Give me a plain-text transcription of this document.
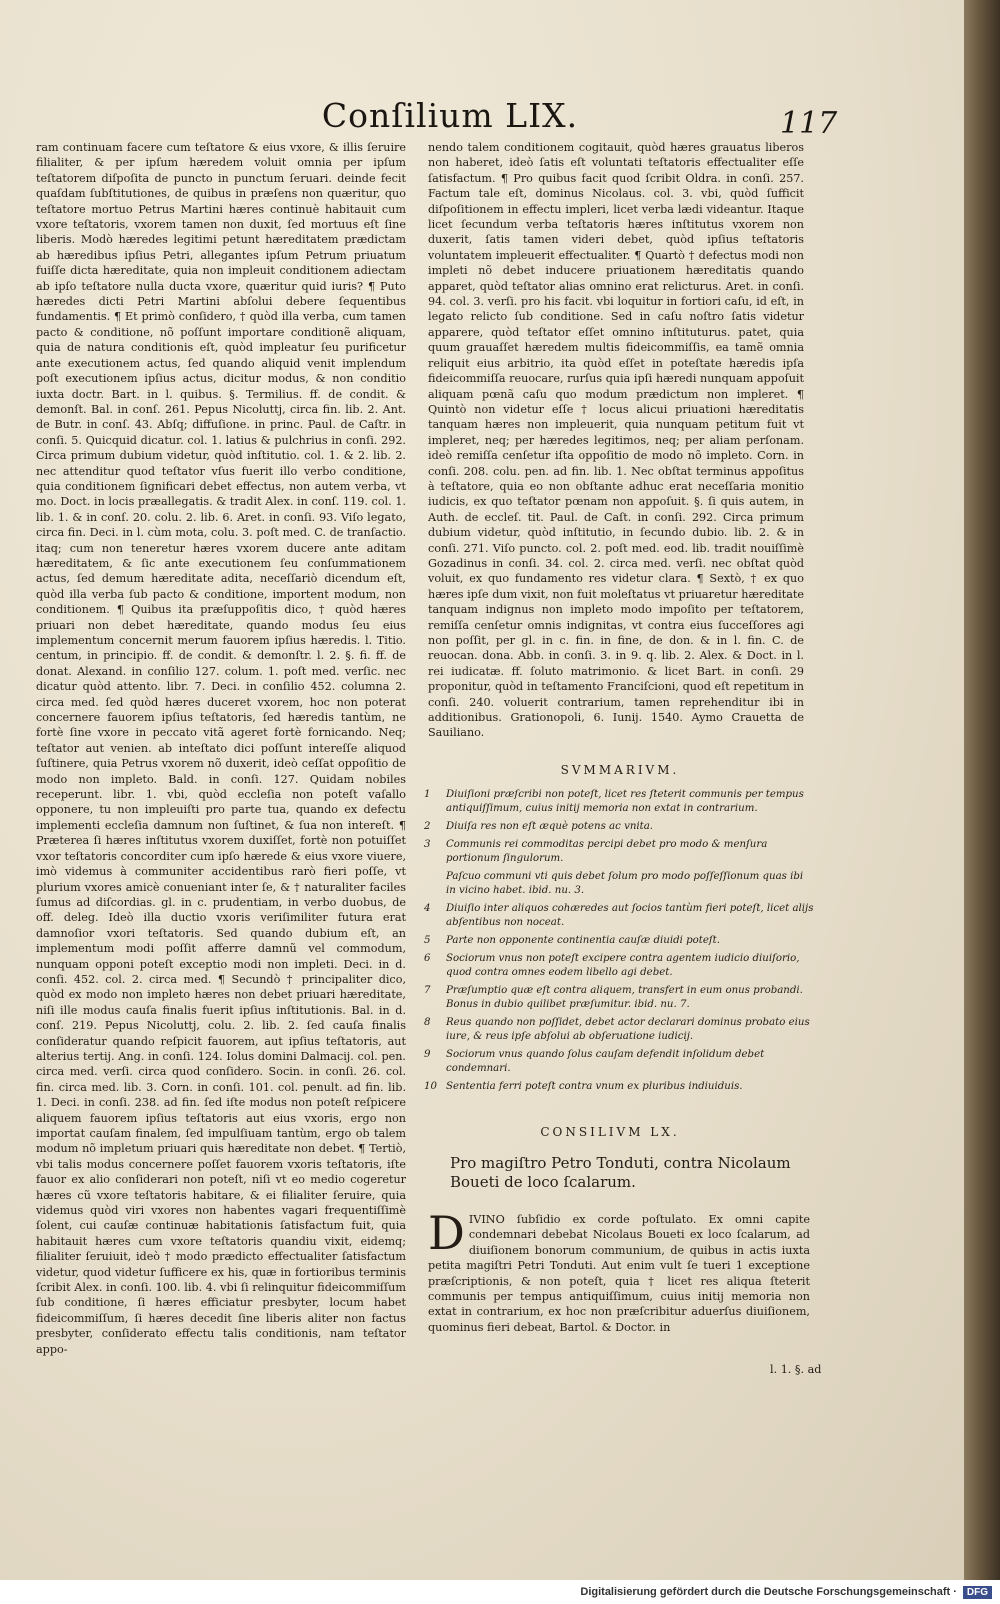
Conſilium LIX.	117
ram continuam facere cum teſtatore & eius vxore, & illis ſeruire filialiter, & per ipſum hæredem voluit omnia per ipſum teſtatorem diſpoſita de puncto in punctum ſeruari. deinde fecit quaſdam ſubſtitutiones, de quibus in præſens non quæritur, quo teſtatore mortuo Petrus Martini hæres continuè habitauit cum vxore teſtatoris, vxorem tamen non duxit, ſed mortuus eſt ſine liberis. Modò hæredes legitimi petunt hæreditatem prædictam ab hæredibus ipſius Petri, allegantes ipſum Petrum priuatum fuiſſe dicta hæreditate, quia non impleuit conditionem adiectam ab ipſo teſtatore nulla ducta vxore, quæritur quid iuris? ¶ Puto hæredes dicti Petri Martini abſolui debere ſequentibus fundamentis. ¶ Et primò conſidero, † quòd illa verba, cum tamen pacto & conditione, nõ poſſunt importare conditionẽ aliquam, quia de natura conditionis eſt, quòd impleatur ſeu purificetur ante executionem actus, ſed quando aliquid venit implendum poſt executionem ipſius actus, dicitur modus, & non conditio iuxta doctr. Bart. in l. quibus. §. Termilius. ff. de condit. & demonſt. Bal. in conſ. 261. Pepus Nicoluttj, circa fin. lib. 2. Ant. de Butr. in conſ. 43. Abſq; diffuſione. in princ. Paul. de Caſtr. in conſi. 5. Quicquid dicatur. col. 1. latius & pulchrius in conſi. 292. Circa primum dubium videtur, quòd inſtitutio. col. 1. & 2. lib. 2. nec attenditur quod teſtator vſus fuerit illo verbo conditione, quia conditionem ſignificari debet effectus, non autem verba, vt mo. Doct. in locis præallegatis. & tradit Alex. in conſ. 119. col. 1. lib. 1. & in conſ. 20. colu. 2. lib. 6. Aret. in conſi. 93. Viſo legato, circa fin. Deci. in l. cùm mota, colu. 3. poſt med. C. de tranſactio. itaq; cum non teneretur hæres vxorem ducere ante aditam hæreditatem, & ſic ante executionem ſeu conſummationem actus, ſed demum hæreditate adita, neceſſariò dicendum eſt, quòd illa verba ſub pacto & conditione, importent modum, non conditionem. ¶ Quibus ita præſuppoſitis dico, † quòd hæres priuari non debet hæreditate, quando modus ſeu eius implementum concernit merum fauorem ipſius hæredis. l. Titio. centum, in principio. ff. de condit. & demonſtr. l. 2. §. fi. ff. de donat. Alexand. in conſilio 127. colum. 1. poſt med. verſic. nec dicatur quòd attento. libr. 7. Deci. in conſilio 452. columna 2. circa med. ſed quòd hæres duceret vxorem, hoc non poterat concernere fauorem ipſius teſtatoris, ſed hæredis tantùm, ne fortè ſine vxore in peccato vitã ageret fortè fornicando. Neq; teſtator aut venien. ab inteſtato dici poſſunt intereſſe aliquod ſuſtinere, quia Petrus vxorem nõ duxerit, ideò ceſſat oppoſitio de modo non impleto. Bald. in conſi. 127. Quidam nobiles receperunt. libr. 1. vbi, quòd eccleſia non poteſt vaſallo opponere, tu non impleuiſti pro parte tua, quando ex defectu implementi eccleſia damnum non ſuſtinet, & ſua non intereſt. ¶ Præterea ſi hæres inſtitutus vxorem duxiſſet, fortè non potuiſſet vxor teſtatoris concorditer cum ipſo hærede & eius vxore viuere, imò videmus à communiter accidentibus rarò fieri poſſe, vt plurium vxores amicè conueniant inter ſe, & † naturaliter faciles ſumus ad diſcordias. gl. in c. prudentiam, in verbo duobus, de off. deleg. Ideò illa ductio vxoris veriſimiliter futura erat damnoſior vxori teſtatoris. Sed quando dubium eſt, an implementum modi poſſit afferre damnũ vel commodum, nunquam opponi poteſt exceptio modi non impleti. Deci. in d. conſi. 452. col. 2. circa med. ¶ Secundò † principaliter dico, quòd ex modo non impleto hæres non debet priuari hæreditate, niſi ille modus cauſa finalis fuerit ipſius inſtitutionis. Bal. in d. conſ. 219. Pepus Nicoluttj, colu. 2. lib. 2. ſed cauſa finalis conſideratur quando reſpicit fauorem, aut ipſius teſtatoris, aut alterius tertij. Ang. in conſi. 124. Iolus domini Dalmacij. col. pen. circa med. verſi. circa quod conſidero. Socin. in conſi. 26. col. fin. circa med. lib. 3. Corn. in conſi. 101. col. penult. ad fin. lib. 1. Deci. in conſi. 238. ad fin. ſed iſte modus non poteſt reſpicere aliquem fauorem ipſius teſtatoris aut eius vxoris, ergo non importat cauſam finalem, ſed impulſiuam tantùm, ergo ob talem modum nõ impletum priuari quis hæreditate non debet. ¶ Tertiò, vbi talis modus concernere poſſet fauorem vxoris teſtatoris, iſte fauor ex alio conſiderari non poteſt, niſi vt eo medio cogeretur hæres cũ vxore teſtatoris habitare, & ei filialiter ſeruire, quia videmus quòd viri vxores non habentes vagari frequentiſſimè ſolent, cui cauſæ continuæ habitationis ſatisfactum fuit, quia habitauit hæres cum vxore teſtatoris quandiu vixit, eidemq; filialiter ſeruiuit, ideò † modo prædicto effectualiter ſatisfactum videtur, quod videtur ſufficere ex his, quæ in fortioribus terminis ſcribit Alex. in conſi. 100. lib. 4. vbi ſi relinquitur fideicommiſſum ſub conditione, ſi hæres efficiatur presbyter, locum habet fideicommiſſum, ſi hæres decedit ſine liberis aliter non factus presbyter, conſiderato effectu talis conditionis, nam teſtator appo-
nendo talem conditionem cogitauit, quòd hæres grauatus liberos non haberet, ideò ſatis eſt voluntati teſtatoris effectualiter eſſe ſatisfactum. ¶ Pro quibus facit quod ſcribit Oldra. in conſi. 257. Factum tale eſt, dominus Nicolaus. col. 3. vbi, quòd ſufficit diſpoſitionem in effectu impleri, licet verba lædi videantur. Itaque licet ſecundum verba teſtatoris hæres inſtitutus vxorem non duxerit, ſatis tamen videri debet, quòd ipſius teſtatoris voluntatem impleuerit effectualiter. ¶ Quartò † defectus modi non impleti nõ debet inducere priuationem hæreditatis quando apparet, quòd teſtator alias omnino erat relicturus. Aret. in conſi. 94. col. 3. verſi. pro his facit. vbi loquitur in fortiori caſu, id eſt, in legato relicto ſub conditione. Sed in caſu noſtro ſatis videtur apparere, quòd teſtator eſſet omnino inſtituturus. patet, quia quum grauaſſet hæredem multis fideicommiſſis, ea tamẽ omnia reliquit eius arbitrio, ita quòd eſſet in poteſtate hæredis ipſa fideicommiſſa reuocare, rurſus quia ipſi hæredi nunquam appoſuit aliquam pœnã caſu quo modum prædictum non impleret. ¶ Quintò non videtur eſſe † locus alicui priuationi hæreditatis tanquam hæres non impleuerit, quia nunquam petitum fuit vt impleret, neq; per hæredes legitimos, neq; per aliam perſonam. ideò remiſſa cenſetur iſta oppoſitio de modo nõ impleto. Corn. in conſi. 208. colu. pen. ad fin. lib. 1. Nec obſtat terminus appoſitus à teſtatore, quia eo non obſtante adhuc erat neceſſaria monitio iudicis, ex quo teſtator pœnam non appoſuit. §. ſi quis autem, in Auth. de eccleſ. tit. Paul. de Caſt. in conſi. 292. Circa primum dubium videtur, quòd inſtitutio, in ſecundo dubio. lib. 2. & in conſi. 271. Viſo puncto. col. 2. poſt med. eod. lib. tradit nouiſſimè Gozadinus in conſi. 34. col. 2. circa med. verſi. nec obſtat quòd voluit, ex quo fundamento res videtur clara. ¶ Sextò, † ex quo hæres ipſe dum vixit, non fuit moleſtatus vt priuaretur hæreditate tanquam indignus non impleto modo impoſito per teſtatorem, remiſſa cenſetur omnis indignitas, vt contra eius ſucceſſores agi non poſſit, per gl. in c. fin. in fine, de don. & in l. fin. C. de reuocan. dona. Abb. in conſi. 3. in 9. q. lib. 2. Alex. & Doct. in l. rei iudicatæ. ff. ſoluto matrimonio. & licet Bart. in conſi. 29 proponitur, quòd in teſtamento Franciſcioni, quod eſt repetitum in conſi. 240. voluerit contrarium, tamen reprehenditur ibi in additionibus. Grationopoli, 6. Iunij. 1540. Aymo Crauetta de Sauiliano.
SVMMARIVM.
1	Diuiſioni præſcribi non poteſt, licet res ſteterit communis per tempus antiquiſſimum, cuius initij memoria non extat in contrarium.
2	Diuiſa res non eſt æquè potens ac vnita.
3	Communis rei commoditas percipi debet pro modo & menſura portionum ſingulorum.
Paſcuo communi vti quis debet ſolum pro modo poſſeſſionum quas ibi in vicino habet. ibid. nu. 3.
4	Diuiſio inter aliquos cohæredes aut ſocios tantùm fieri poteſt, licet alijs abſentibus non noceat.
5	Parte non opponente continentia cauſæ diuidi poteſt.
6	Sociorum vnus non poteſt excipere contra agentem iudicio diuiſorio, quod contra omnes eodem libello agi debet.
7	Præſumptio quæ eſt contra aliquem, transfert in eum onus probandi. Bonus in dubio quilibet præſumitur. ibid. nu. 7.
8	Reus quando non poſſidet, debet actor declarari dominus probato eius iure, & reus ipſe abſolui ab obſeruatione iudicij.
9	Sociorum vnus quando ſolus cauſam defendit inſolidum debet condemnari.
10 Sententia ferri poteſt contra vnum ex pluribus indiuiduis.
CONSILIVM LX.
Pro magiſtro Petro Tonduti, contra Nicolaum Boueti de loco ſcalarum.
DIVINO ſubſidio ex corde poſtulato. Ex omni capite condemnari debebat Nicolaus Boueti ex loco ſcalarum, ad diuiſionem bonorum communium, de quibus in actis iuxta petita magiſtri Petri Tonduti. Aut enim vult ſe tueri 1 exceptione præſcriptionis, & non poteſt, quia † licet res aliqua ſteterit communis per tempus antiquiſſimum, cuius initij memoria non extat in contrarium, ex hoc non præſcribitur aduerſus diuiſionem, quominus fieri debeat, Bartol. & Doctor. in
l. 1. §. ad
Digitalisierung gefördert durch die Deutsche Forschungsgemeinschaft ·	DFG
